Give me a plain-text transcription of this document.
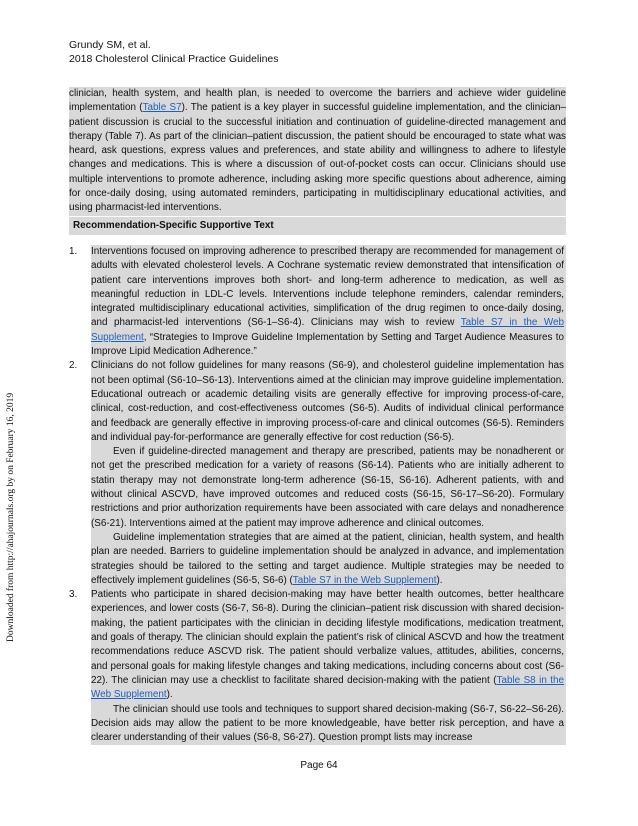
Grundy SM, et al.
2018 Cholesterol Clinical Practice Guidelines
Downloaded from http://ahajournals.org by on February 16, 2019

clinician, health system, and health plan, is needed to overcome the barriers and achieve wider guideline implementation (Table S7). The patient is a key player in successful guideline implementation, and the clinician–patient discussion is crucial to the successful initiation and continuation of guideline-directed management and therapy (Table 7). As part of the clinician–patient discussion, the patient should be encouraged to state what was heard, ask questions, express values and preferences, and state ability and willingness to adhere to lifestyle changes and medications. This is where a discussion of out-of-pocket costs can occur. Clinicians should use multiple interventions to promote adherence, including asking more specific questions about adherence, aiming for once-daily dosing, using automated reminders, participating in multidisciplinary educational activities, and using pharmacist-led interventions.

Recommendation-Specific Supportive Text
1.	Interventions focused on improving adherence to prescribed therapy are recommended for management of adults with elevated cholesterol levels. A Cochrane systematic review demonstrated that intensification of patient care interventions improves both short- and long-term adherence to medication, as well as meaningful reduction in LDL-C levels. Interventions include telephone reminders, calendar reminders, integrated multidisciplinary educational activities, simplification of the drug regimen to once-daily dosing, and pharmacist-led interventions (S6-1–S6-4). Clinicians may wish to review Table S7 in the Web Supplement, “Strategies to Improve Guideline Implementation by Setting and Target Audience Measures to Improve Lipid Medication Adherence.”

2.	Clinicians do not follow guidelines for many reasons (S6-9), and cholesterol guideline implementation has not been optimal (S6-10–S6-13). Interventions aimed at the clinician may improve guideline implementation. Educational outreach or academic detailing visits are generally effective for improving process-of-care, clinical, cost-reduction, and cost-effectiveness outcomes (S6-5). Audits of individual clinical performance and feedback are generally effective in improving process-of-care and clinical outcomes (S6-5). Reminders and individual pay-for-performance are generally effective for cost reduction (S6-5).

Even if guideline-directed management and therapy are prescribed, patients may be nonadherent or not get the prescribed medication for a variety of reasons (S6-14). Patients who are initially adherent to statin therapy may not demonstrate long-term adherence (S6-15, S6-16). Adherent patients, with and without clinical ASCVD, have improved outcomes and reduced costs (S6-15, S6-17–S6-20). Formulary restrictions and prior authorization requirements have been associated with care delays and nonadherence (S6-21). Interventions aimed at the patient may improve adherence and clinical outcomes.

Guideline implementation strategies that are aimed at the patient, clinician, health system, and health plan are needed. Barriers to guideline implementation should be analyzed in advance, and implementation strategies should be tailored to the setting and target audience. Multiple strategies may be needed to effectively implement guidelines (S6-5, S6-6) (Table S7 in the Web Supplement).

3.	Patients who participate in shared decision-making may have better health outcomes, better healthcare experiences, and lower costs (S6-7, S6-8). During the clinician–patient risk discussion with shared decision-making, the patient participates with the clinician in deciding lifestyle modifications, medication treatment, and goals of therapy. The clinician should explain the patient’s risk of clinical ASCVD and how the treatment recommendations reduce ASCVD risk. The patient should verbalize values, attitudes, abilities, concerns, and personal goals for making lifestyle changes and taking medications, including concerns about cost (S6-22). The clinician may use a checklist to facilitate shared decision-making with the patient (Table S8 in the Web Supplement).

The clinician should use tools and techniques to support shared decision-making (S6-7, S6-22–S6-26). Decision aids may allow the patient to be more knowledgeable, have better risk perception, and have a clearer understanding of their values (S6-8, S6-27). Question prompt lists may increase

Page 64
